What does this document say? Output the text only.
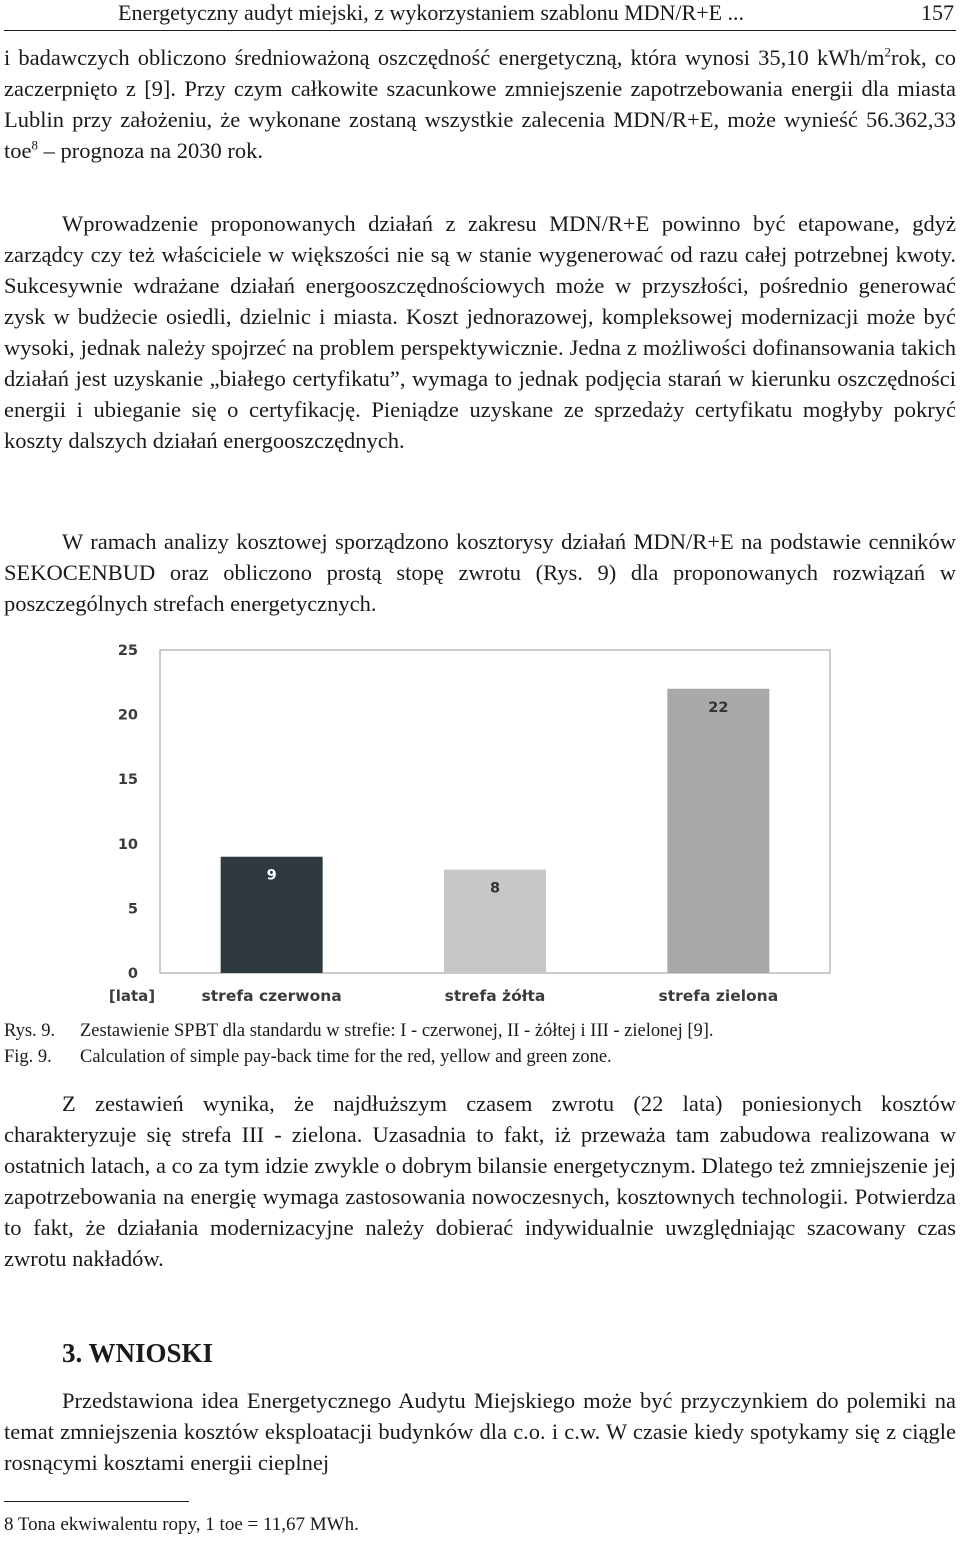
Energetyczny audyt miejski, z wykorzystaniem szablonu MDN/R+E ...	157

i badawczych obliczono średnioważoną oszczędność energetyczną, która wynosi 35,10 kWh/$m^2rok$, co zaczerpnięto z [9]. Przy czym całkowite szacunkowe zmniejszenie zapotrzebowania energii dla miasta Lublin przy założeniu, że wykonane zostaną wszystkie zalecenia MDN/R+E, może wynieść 56.362,33 toe$^8$ – prognoza na 2030 rok.

Wprowadzenie proponowanych działań z zakresu MDN/R+E powinno być etapowane, gdyż zarządcy czy też właściciele w większości nie są w stanie wygenerować od razu całej potrzebnej kwoty. Sukcesywnie wdrażane działań energooszczędnościowych może w przyszłości, pośrednio generować zysk w budżecie osiedli, dzielnic i miasta. Koszt jednorazowej, kompleksowej modernizacji może być wysoki, jednak należy spojrzeć na problem perspektywicznie. Jedna z możliwości dofinansowania takich działań jest uzyskanie „białego certyfikatu”, wymaga to jednak podjęcia starań w kierunku oszczędności energii i ubieganie się o certyfikację. Pieniądze uzyskane ze sprzedaży certyfikatu mogłyby pokryć koszty dalszych działań energooszczędnych.

W ramach analizy kosztowej sporządzono kosztorysy działań MDN/R+E na podstawie cenników SEKOCENBUD oraz obliczono prostą stopę zwrotu (Rys. 9) dla proponowanych rozwiązań w poszczególnych strefach energetycznych.

0
5
10
15
20
25
[lata]
9
strefa czerwona
8
strefa żółta
22
strefa zielona
Rys. 9. Zestawienie SPBT dla standardu w strefie: I - czerwonej, II - żółtej i III - zielonej [9].
Fig. 9. Calculation of simple pay-back time for the red, yellow and green zone.

Z zestawień wynika, że najdłuższym czasem zwrotu (22 lata) poniesionych kosztów charakteryzuje się strefa III - zielona. Uzasadnia to fakt, iż przeważa tam zabudowa realizowana w ostatnich latach, a co za tym idzie zwykle o dobrym bilansie energetycznym. Dlatego też zmniejszenie jej zapotrzebowania na energię wymaga zastosowania nowoczesnych, kosztownych technologii. Potwierdza to fakt, że działania modernizacyjne należy dobierać indywidualnie uwzględniając szacowany czas zwrotu nakładów.

3. WNIOSKI

Przedstawiona idea Energetycznego Audytu Miejskiego może być przyczynkiem do polemiki na temat zmniejszenia kosztów eksploatacji budynków dla c.o. i c.w. W czasie kiedy spotykamy się z ciągle rosnącymi kosztami energii cieplnej

8 Tona ekwiwalentu ropy, 1 toe = 11,67 MWh.
